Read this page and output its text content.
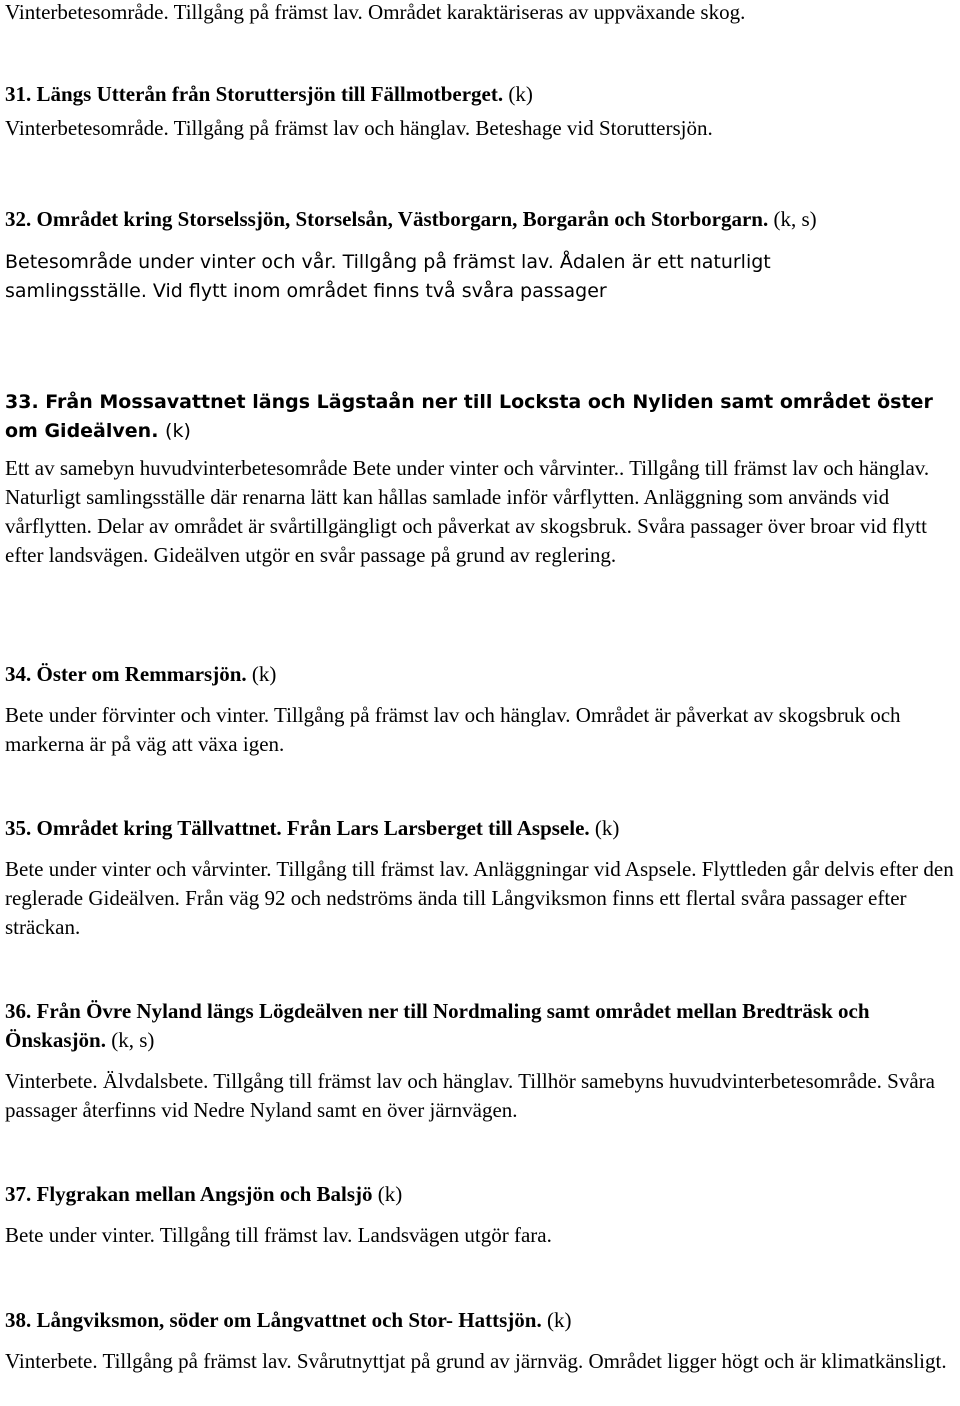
Vinterbetesområde. Tillgång på främst lav. Området karaktäriseras av uppväxande skog.

31. Längs Utterån från Storuttersjön till Fällmotberget. (k)

Vinterbetesområde. Tillgång på främst lav och hänglav. Beteshage vid Storuttersjön.

32. Området kring Storselssjön, Storselsån, Västborgarn, Borgarån och Storborgarn. (k, s)

Betesområde under vinter och vår. Tillgång på främst lav. Ådalen är ett naturligt samlingsställe. Vid flytt inom området finns två svåra passager

33. Från Mossavattnet längs Lägstaån ner till Locksta och Nyliden samt området öster om Gideälven. (k)

Ett av samebyn huvudvinterbetesområde Bete under vinter och vårvinter.. Tillgång till främst lav och hänglav. Naturligt samlingsställe där renarna lätt kan hållas samlade inför vårflytten. Anläggning som används vid vårflytten. Delar av området är svårtillgängligt och påverkat av skogsbruk. Svåra passager över broar vid flytt efter landsvägen. Gideälven utgör en svår passage på grund av reglering.

34. Öster om Remmarsjön. (k)

Bete under förvinter och vinter. Tillgång på främst lav och hänglav. Området är påverkat av skogsbruk och markerna är på väg att växa igen.

35. Området kring Tällvattnet. Från Lars Larsberget till Aspsele. (k)

Bete under vinter och vårvinter. Tillgång till främst lav. Anläggningar vid Aspsele. Flyttleden går delvis efter den reglerade Gideälven. Från väg 92 och nedströms ända till Långviksmon finns ett flertal svåra passager efter sträckan.

36. Från Övre Nyland längs Lögdeälven ner till Nordmaling samt området mellan Bredträsk och Önskasjön. (k, s)

Vinterbete. Älvdalsbete. Tillgång till främst lav och hänglav. Tillhör samebyns huvudvinterbetesområde. Svåra passager återfinns vid Nedre Nyland samt en över järnvägen.

37. Flygrakan mellan Angsjön och Balsjö (k)

Bete under vinter. Tillgång till främst lav. Landsvägen utgör fara.

38. Långviksmon, söder om Långvattnet och Stor- Hattsjön. (k)

Vinterbete. Tillgång på främst lav. Svårutnyttjat på grund av järnväg. Området ligger högt och är klimatkänsligt.
